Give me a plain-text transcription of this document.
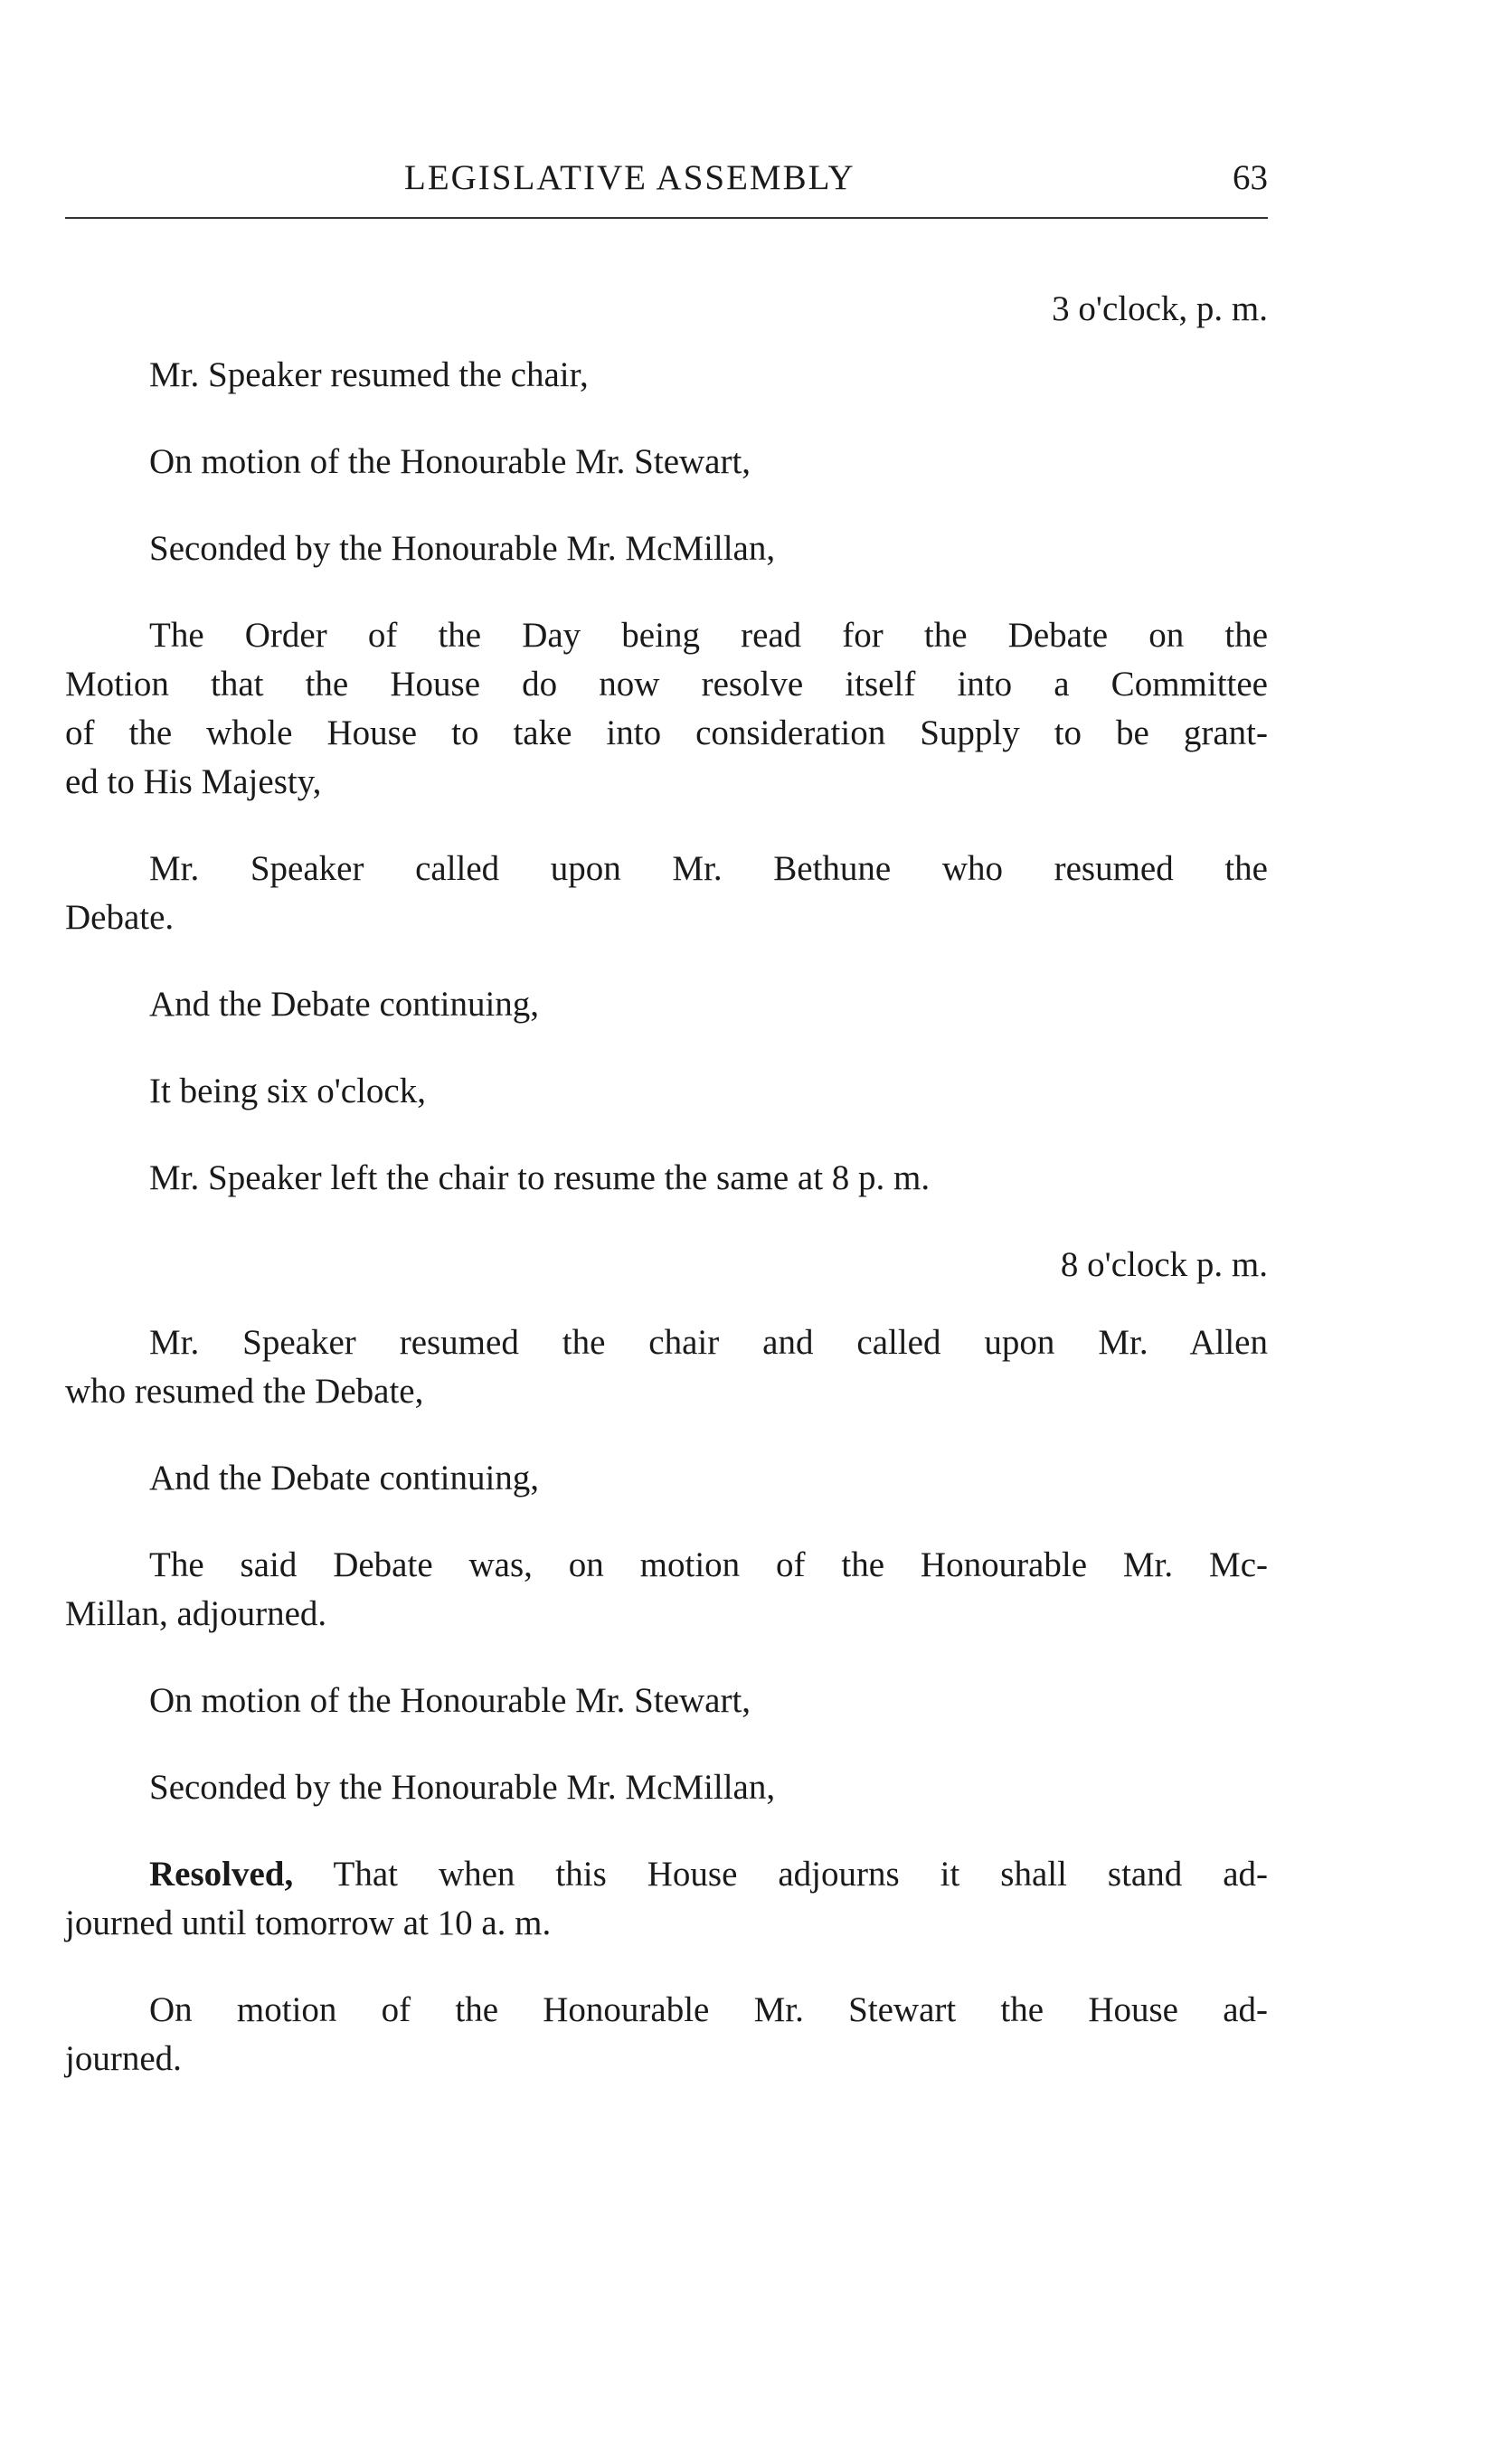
LEGISLATIVE ASSEMBLY	63
3 o'clock, p. m.
Mr. Speaker resumed the chair,
On motion of the Honourable Mr. Stewart,
Seconded by the Honourable Mr. McMillan,
The Order of the Day being read for the Debate on the
Motion that the House do now resolve itself into a Committee
of the whole House to take into consideration Supply to be grant-
ed to His Majesty,
Mr. Speaker called upon Mr. Bethune who resumed the
Debate.
And the Debate continuing,
It being six o'clock,
Mr. Speaker left the chair to resume the same at 8 p. m.
8 o'clock p. m.
Mr. Speaker resumed the chair and called upon Mr. Allen
who resumed the Debate,
And the Debate continuing,
The said Debate was, on motion of the Honourable Mr. Mc-
Millan, adjourned.
On motion of the Honourable Mr. Stewart,
Seconded by the Honourable Mr. McMillan,
Resolved, That when this House adjourns it shall stand ad-
journed until tomorrow at 10 a. m.
On motion of the Honourable Mr. Stewart the House ad-
journed.
